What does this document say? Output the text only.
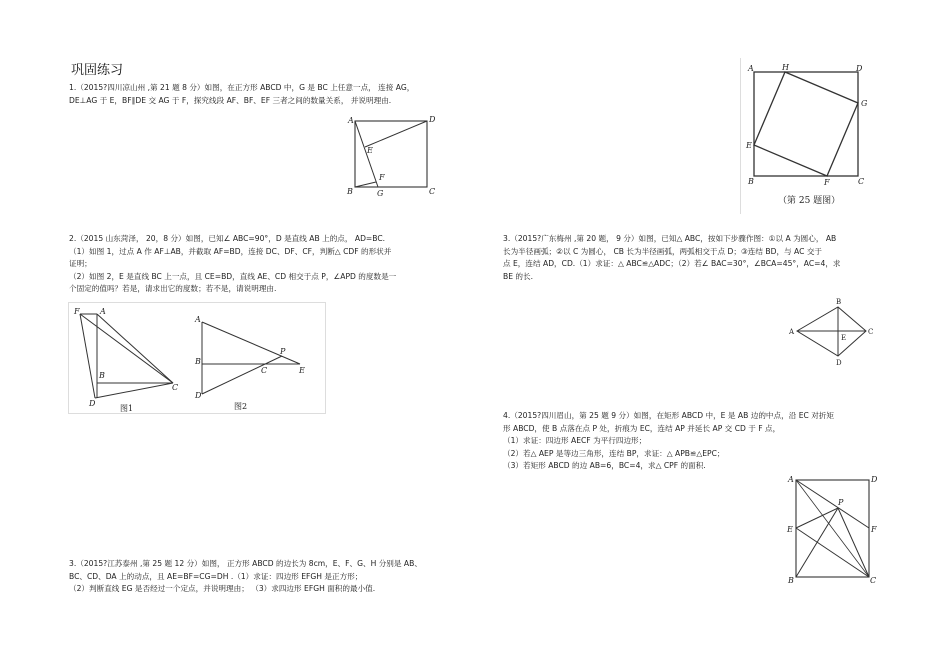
巩固练习
1.（2015?四川凉山州 ,第 21 题 8 分）如图，在正方形 ABCD 中，G 是 BC 上任意一点， 连接 AG，
DE⊥AG 于 E，BF∥DE 交 AG 于 F，探究线段 AF、BF、EF 三者之间的数量关系， 并说明理由.
A	D
E
F
B	G	C
2.（2015 山东菏泽， 20，8 分）如图，已知∠ ABC=90°，D 是直线 AB 上的点， AD=BC.
（1）如图 1，过点 A 作 AF⊥AB，并截取 AF=BD，连接 DC、DF、CF，判断△ CDF 的形状并
证明；
（2）如图 2，E 是直线 BC 上一点，且 CE=BD，直线 AE、CD 相交于点 P，∠APD 的度数是一
个固定的值吗？若是，请求出它的度数；若不是，请说明理由.
F	A
B
D
C
图1
A
P
B
C	E
D
图2
3.（2015?江苏泰州 ,第 25 题 12 分）如图， 正方形 ABCD 的边长为 8cm，E、F、G、H 分别是 AB、
BC、CD、DA 上的动点，且 AE=BF=CG=DH .（1）求证：四边形 EFGH 是正方形；
（2）判断直线 EG 是否经过一个定点，并说明理由； （3）求四边形 EFGH 面积的最小值.
A	H	D
G
E
B	F	C
（第 25 题图）
3.（2015?广东梅州 ,第 20 题， 9 分）如图，已知△ ABC，按如下步骤作图：①以 A 为圆心， AB
长为半径画弧；②以 C 为圆心， CB 长为半径画弧，两弧相交于点 D；③连结 BD，与 AC 交于
点 E，连结 AD，CD.（1）求证：△ ABC≌△ADC；（2）若∠ BAC=30°，∠BCA=45°，AC=4，求
BE 的长.
B
A	C
E
D
4.（2015?四川眉山，第 25 题 9 分）如图，在矩形 ABCD 中，E 是 AB 边的中点，沿 EC 对折矩
形 ABCD，使 B 点落在点 P 处，折痕为 EC，连结 AP 并延长 AP 交 CD 于 F 点，
（1）求证：四边形 AECF 为平行四边形；
（2）若△ AEP 是等边三角形，连结 BP，求证：△ APB≌△EPC；
（3）若矩形 ABCD 的边 AB=6，BC=4，求△ CPF 的面积.
A	D
P
E	F
B	C
